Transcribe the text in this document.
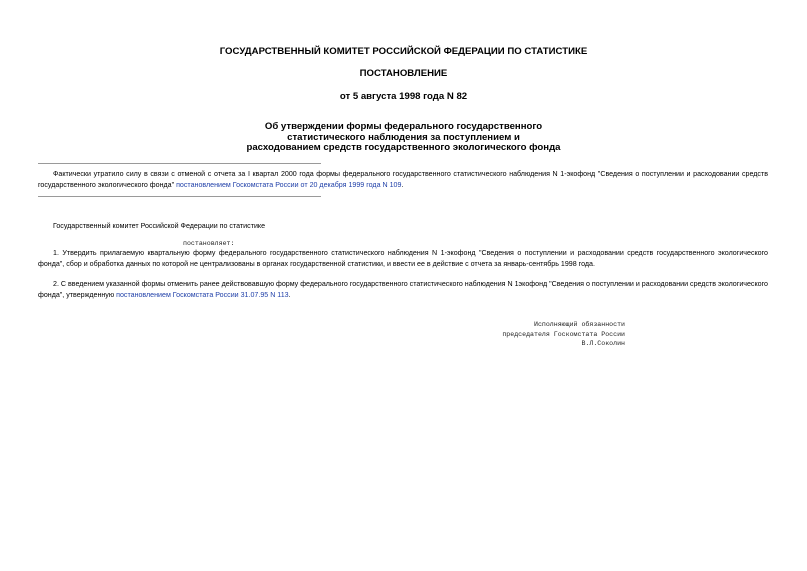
ГОСУДАРСТВЕННЫЙ КОМИТЕТ РОССИЙСКОЙ ФЕДЕРАЦИИ ПО СТАТИСТИКЕ
ПОСТАНОВЛЕНИЕ
от 5 августа 1998 года N 82
Об утверждении формы федерального государственного
статистического наблюдения за поступлением и
расходованием средств государственного экологического фонда
Фактически утратило силу в связи с отменой с отчета за I квартал 2000 года формы федерального государственного статистического наблюдения N 1-экофонд "Сведения о поступлении и расходовании средств государственного экологического фонда" постановлением Госкомстата России от 20 декабря 1999 года N 109.
Государственный комитет Российской Федерации по статистике
постановляет:
1. Утвердить прилагаемую квартальную форму федерального государственного статистического наблюдения N 1-экофонд "Сведения о поступлении и расходовании средств государственного экологического фонда", сбор и обработка данных по которой не централизованы в органах государственной статистики, и ввести ее в действие с отчета за январь-сентябрь 1998 года.
2. С введением указанной формы отменить ранее действовавшую форму федерального государственного статистического наблюдения N 1экофонд "Сведения о поступлении и расходовании средств экологического фонда", утвержденную постановлением Госкомстата России 31.07.95 N 113.
Исполняющий обязанности
председателя Госкомстата России
В.Л.Соколин
